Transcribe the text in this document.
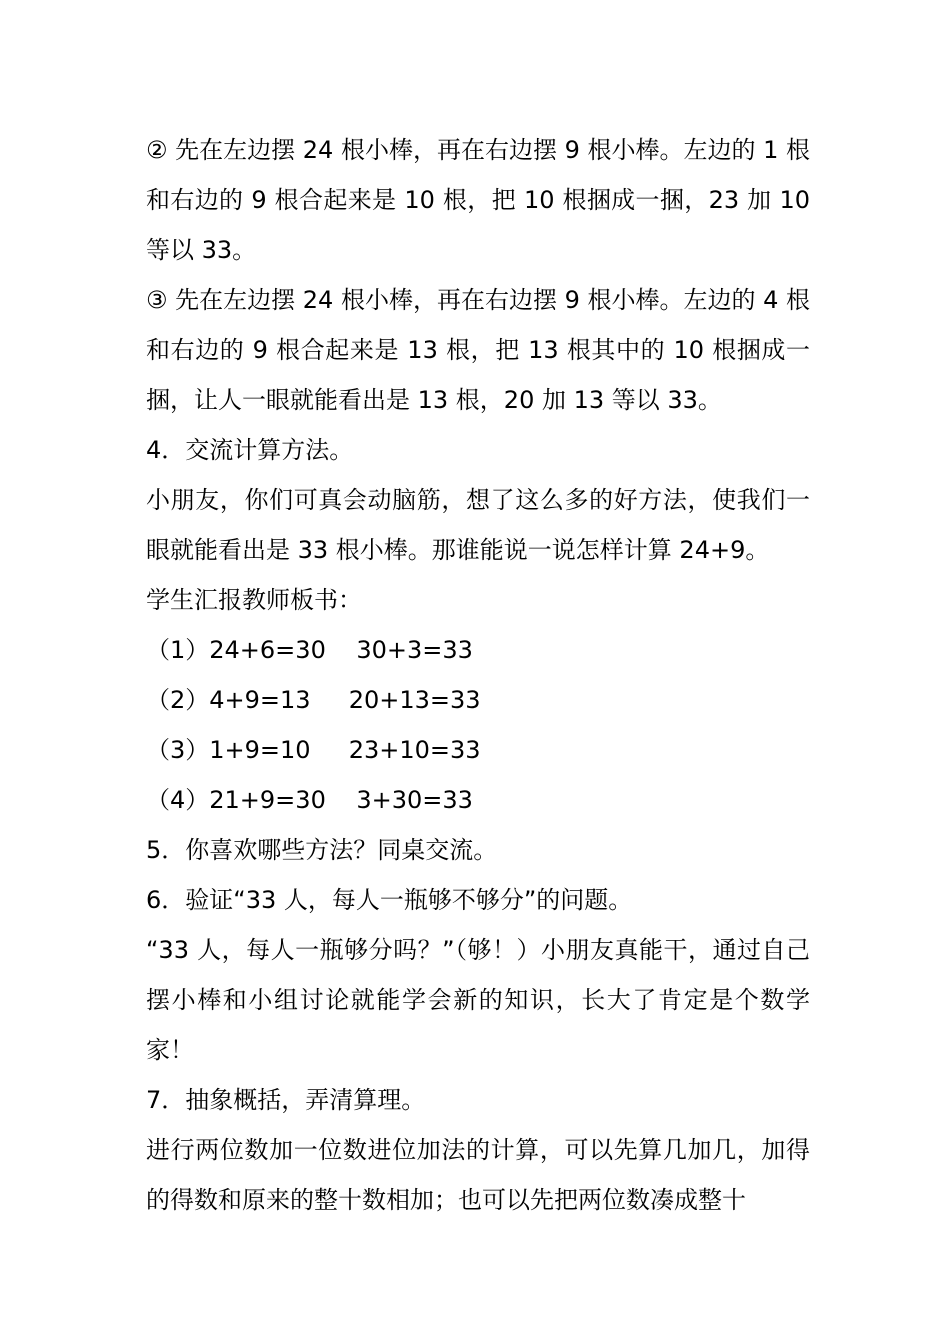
② 先在左边摆 24 根小棒，再在右边摆 9 根小棒。左边的 1 根和右边的 9 根合起来是 10 根，把 10 根捆成一捆，23 加 10 等以 33。

③ 先在左边摆 24 根小棒，再在右边摆 9 根小棒。左边的 4 根和右边的 9 根合起来是 13 根，把 13 根其中的 10 根捆成一捆，让人一眼就能看出是 13 根，20 加 13 等以 33。

4．交流计算方法。

小朋友，你们可真会动脑筋，想了这么多的好方法，使我们一眼就能看出是 33 根小棒。那谁能说一说怎样计算 24+9。

学生汇报教师板书：

（1）24+6=30    30+3=33

（2）4+9=13     20+13=33

（3）1+9=10     23+10=33

（4）21+9=30    3+30=33

5．你喜欢哪些方法？同桌交流。

6．验证“33 人，每人一瓶够不够分”的问题。

“33 人，每人一瓶够分吗？”（够！）小朋友真能干，通过自己摆小棒和小组讨论就能学会新的知识，长大了肯定是个数学家！

7．抽象概括，弄清算理。

进行两位数加一位数进位加法的计算，可以先算几加几，加得的得数和原来的整十数相加；也可以先把两位数凑成整十
